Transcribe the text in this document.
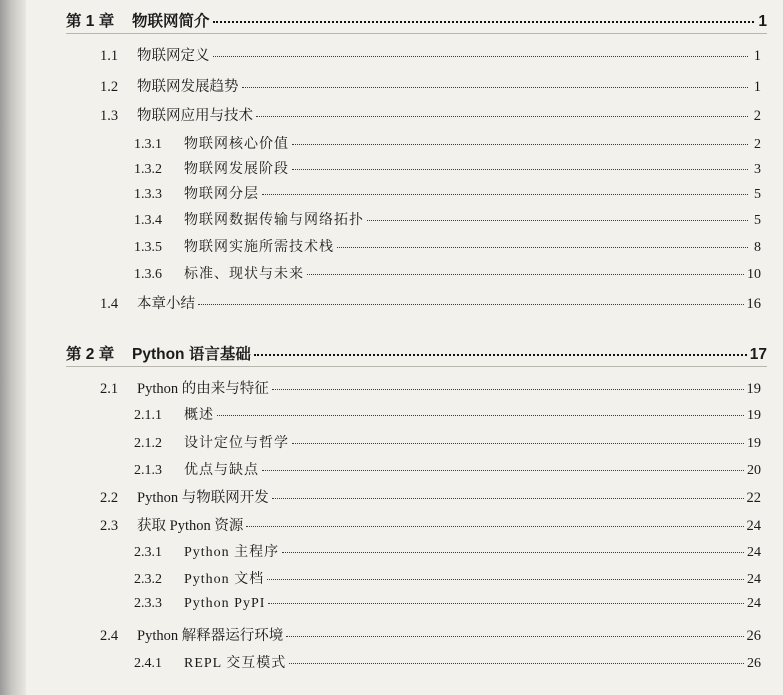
第 1 章	物联网简介	1
1.1	物联网定义	1
1.2	物联网发展趋势	1
1.3	物联网应用与技术	2
1.3.1	物联网核心价值	2
1.3.2	物联网发展阶段	3
1.3.3	物联网分层	5
1.3.4	物联网数据传输与网络拓扑	5
1.3.5	物联网实施所需技术栈	8
1.3.6	标准、现状与未来	10
1.4	本章小结	16
第 2 章	Python 语言基础	17
2.1	Python 的由来与特征	19
2.1.1	概述	19
2.1.2	设计定位与哲学	19
2.1.3	优点与缺点	20
2.2	Python 与物联网开发	22
2.3	获取 Python 资源	24
2.3.1	Python 主程序	24
2.3.2	Python 文档	24
2.3.3	Python PyPI	24
2.4	Python 解释器运行环境	26
2.4.1	REPL 交互模式	26
